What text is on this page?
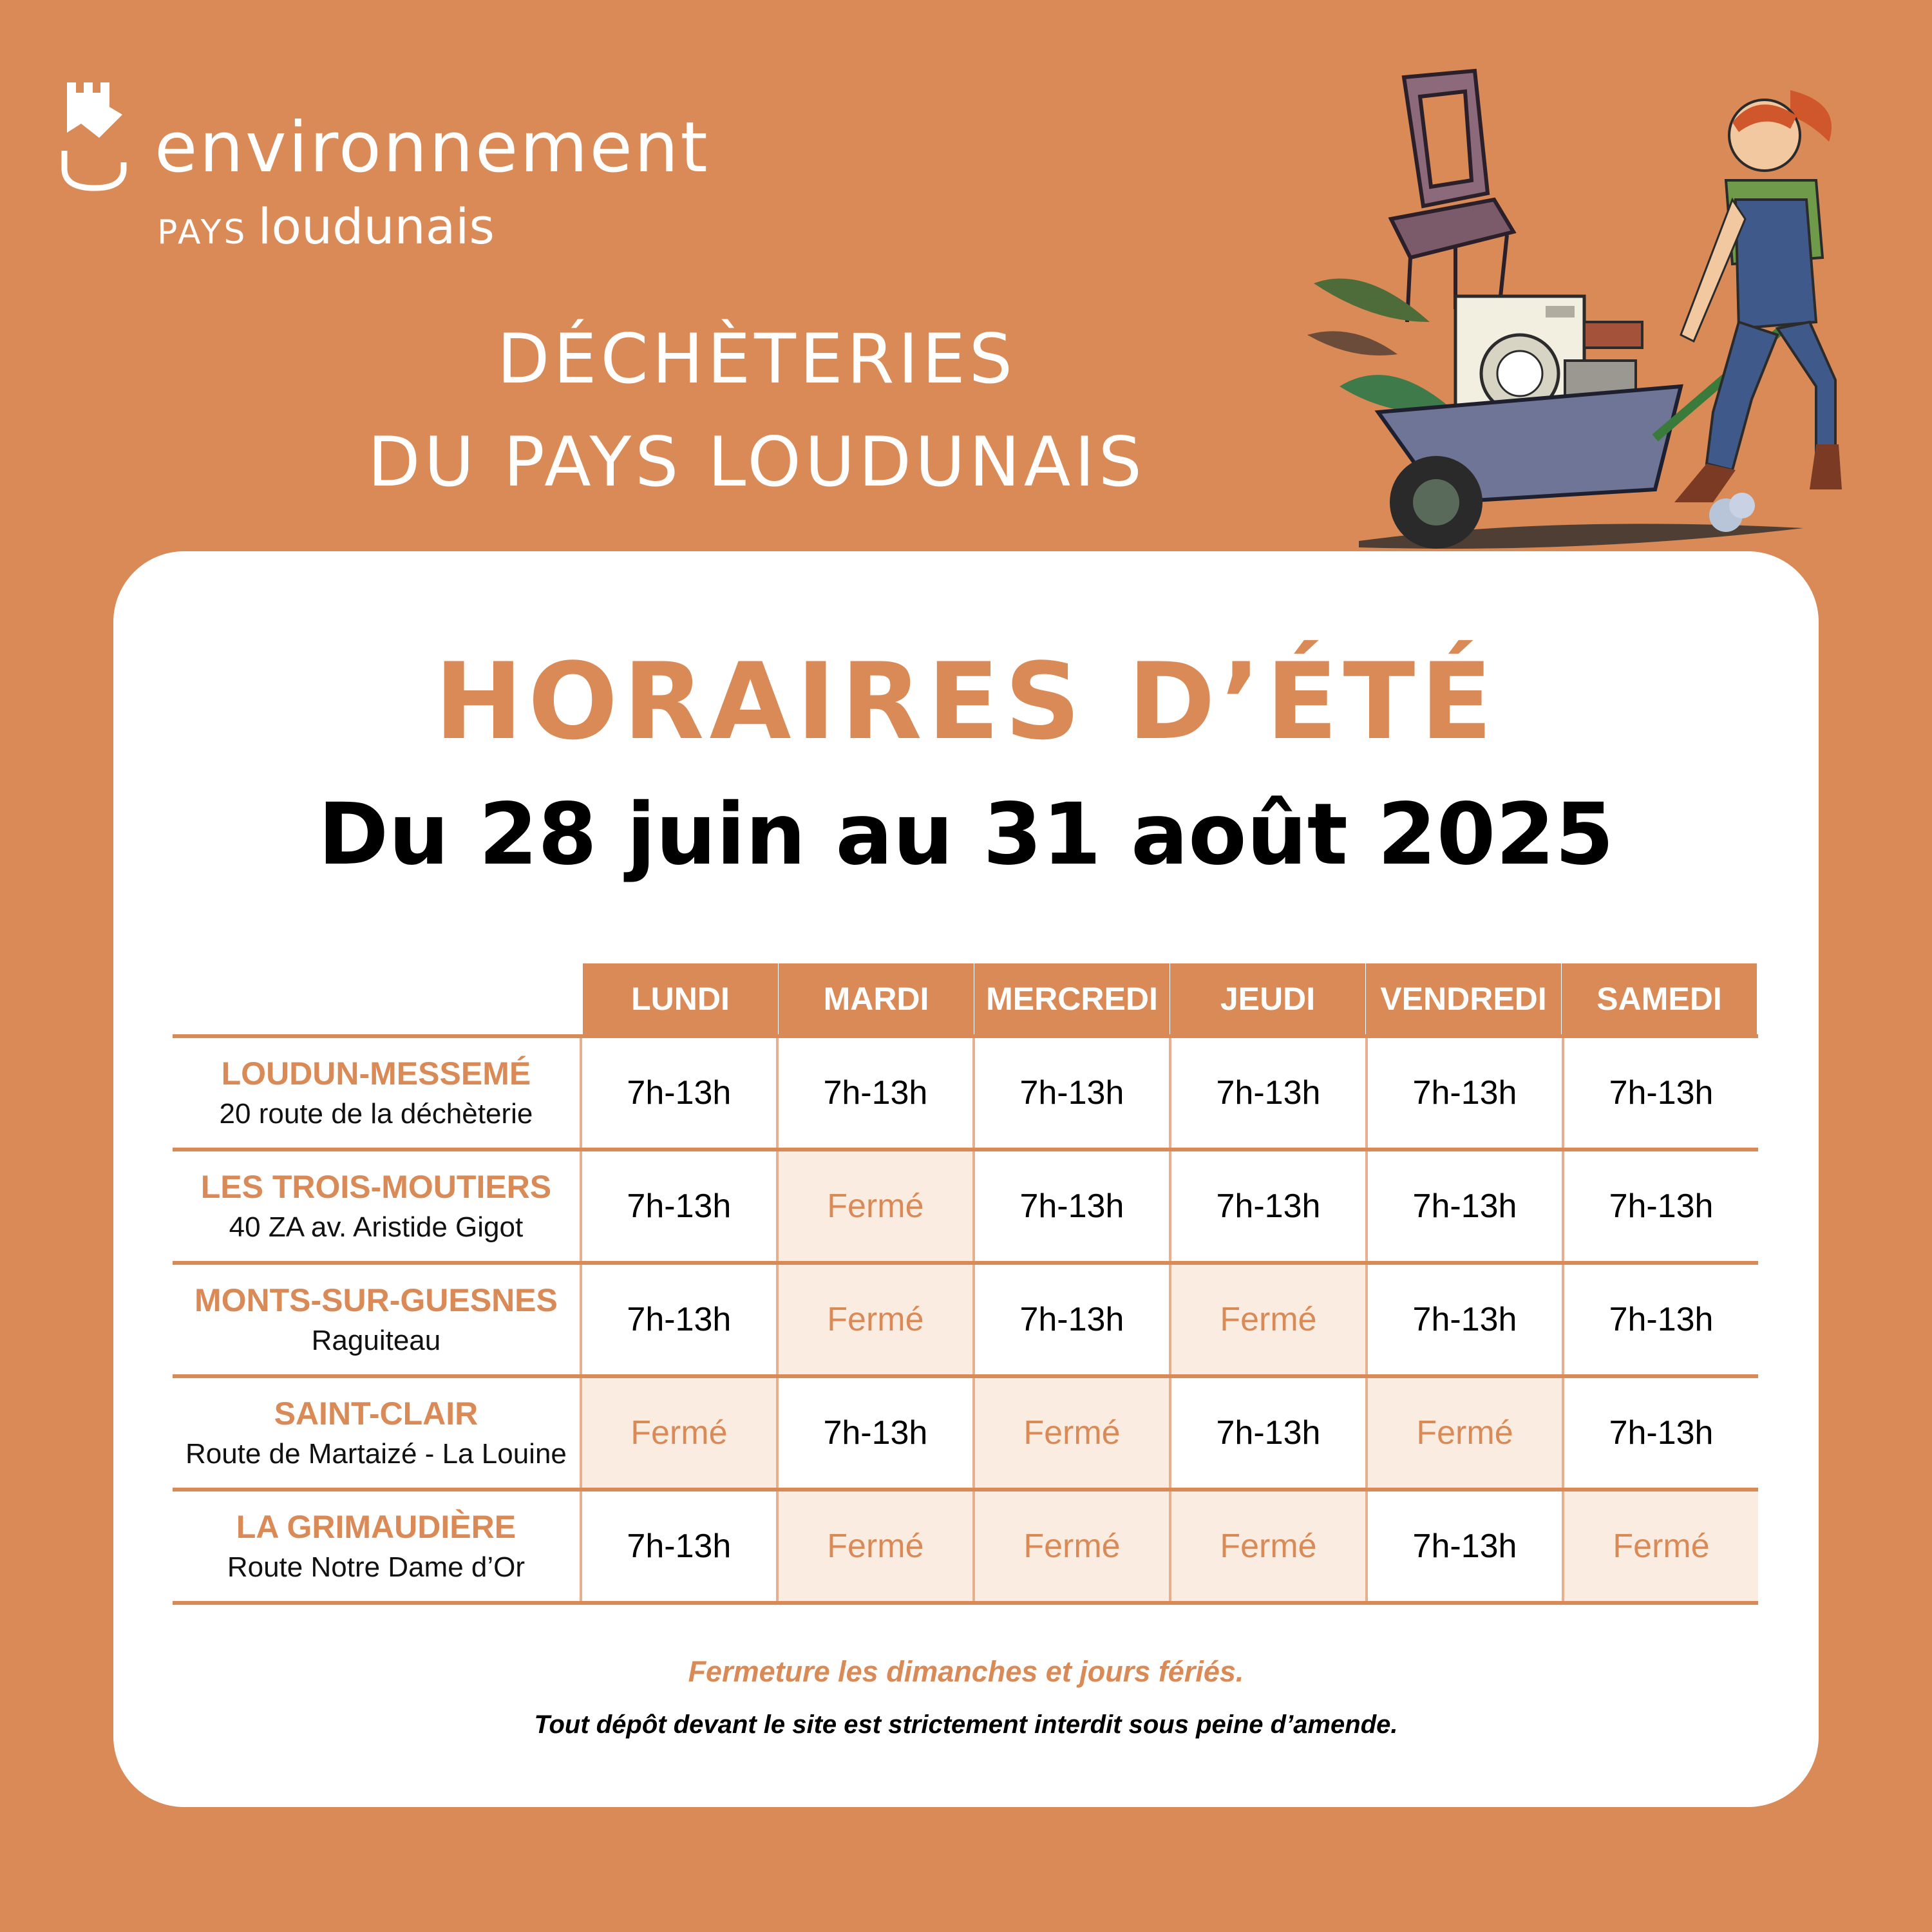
environnement
PAYS loudunais
DÉCHÈTERIES
DU PAYS LOUDUNAIS
HORAIRES D’ÉTÉ
Du 28 juin au 31 août 2025
LUNDI	MARDI	MERCREDI	JEUDI	VENDREDI	SAMEDI
LOUDUN-MESSEMÉ
20 route de la déchèterie
7h-13h	7h-13h	7h-13h	7h-13h	7h-13h	7h-13h
LES TROIS-MOUTIERS
40 ZA av. Aristide Gigot
7h-13h	Fermé	7h-13h	7h-13h	7h-13h	7h-13h
MONTS-SUR-GUESNES
Raguiteau
7h-13h	Fermé	7h-13h	Fermé	7h-13h	7h-13h
SAINT-CLAIR
Route de Martaizé - La Louine
Fermé	7h-13h	Fermé	7h-13h	Fermé	7h-13h
LA GRIMAUDIÈRE
Route Notre Dame d’Or
7h-13h	Fermé	Fermé	Fermé	7h-13h	Fermé
Fermeture les dimanches et jours fériés.
Tout dépôt devant le site est strictement interdit sous peine d’amende.
